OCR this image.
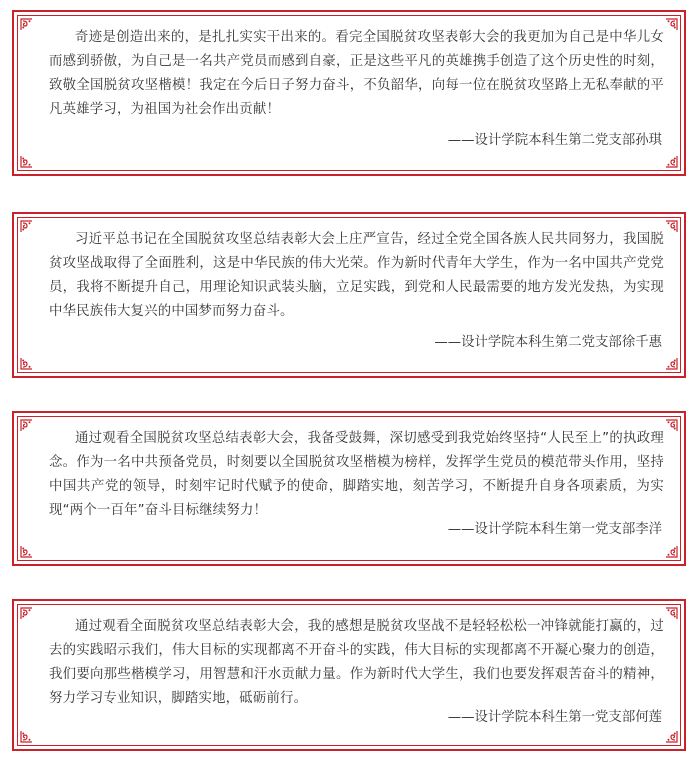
奇迹是创造出来的，是扎扎实实干出来的。看完全国脱贫攻坚表彰大会的我更加为自己是中华儿女而感到骄傲，为自己是一名共产党员而感到自豪，正是这些平凡的英雄携手创造了这个历史性的时刻，致敬全国脱贫攻坚楷模！我定在今后日子努力奋斗，不负韶华，向每一位在脱贫攻坚路上无私奉献的平凡英雄学习，为祖国为社会作出贡献！

——设计学院本科生第二党支部孙琪

习近平总书记在全国脱贫攻坚总结表彰大会上庄严宣告，经过全党全国各族人民共同努力，我国脱贫攻坚战取得了全面胜利，这是中华民族的伟大光荣。作为新时代青年大学生，作为一名中国共产党党员，我将不断提升自己，用理论知识武装头脑，立足实践，到党和人民最需要的地方发光发热，为实现中华民族伟大复兴的中国梦而努力奋斗。

——设计学院本科生第二党支部徐千惠

通过观看全国脱贫攻坚总结表彰大会，我备受鼓舞，深切感受到我党始终坚持“人民至上”的执政理念。作为一名中共预备党员，时刻要以全国脱贫攻坚楷模为榜样，发挥学生党员的模范带头作用，坚持中国共产党的领导，时刻牢记时代赋予的使命，脚踏实地，刻苦学习，不断提升自身各项素质，为实现“两个一百年”奋斗目标继续努力！

——设计学院本科生第一党支部李洋

通过观看全面脱贫攻坚总结表彰大会，我的感想是脱贫攻坚战不是轻轻松松一冲锋就能打赢的，过去的实践昭示我们，伟大目标的实现都离不开奋斗的实践，伟大目标的实现都离不开凝心聚力的创造，我们要向那些楷模学习，用智慧和汗水贡献力量。作为新时代大学生，我们也要发挥艰苦奋斗的精神，努力学习专业知识，脚踏实地，砥砺前行。

——设计学院本科生第一党支部何莲
